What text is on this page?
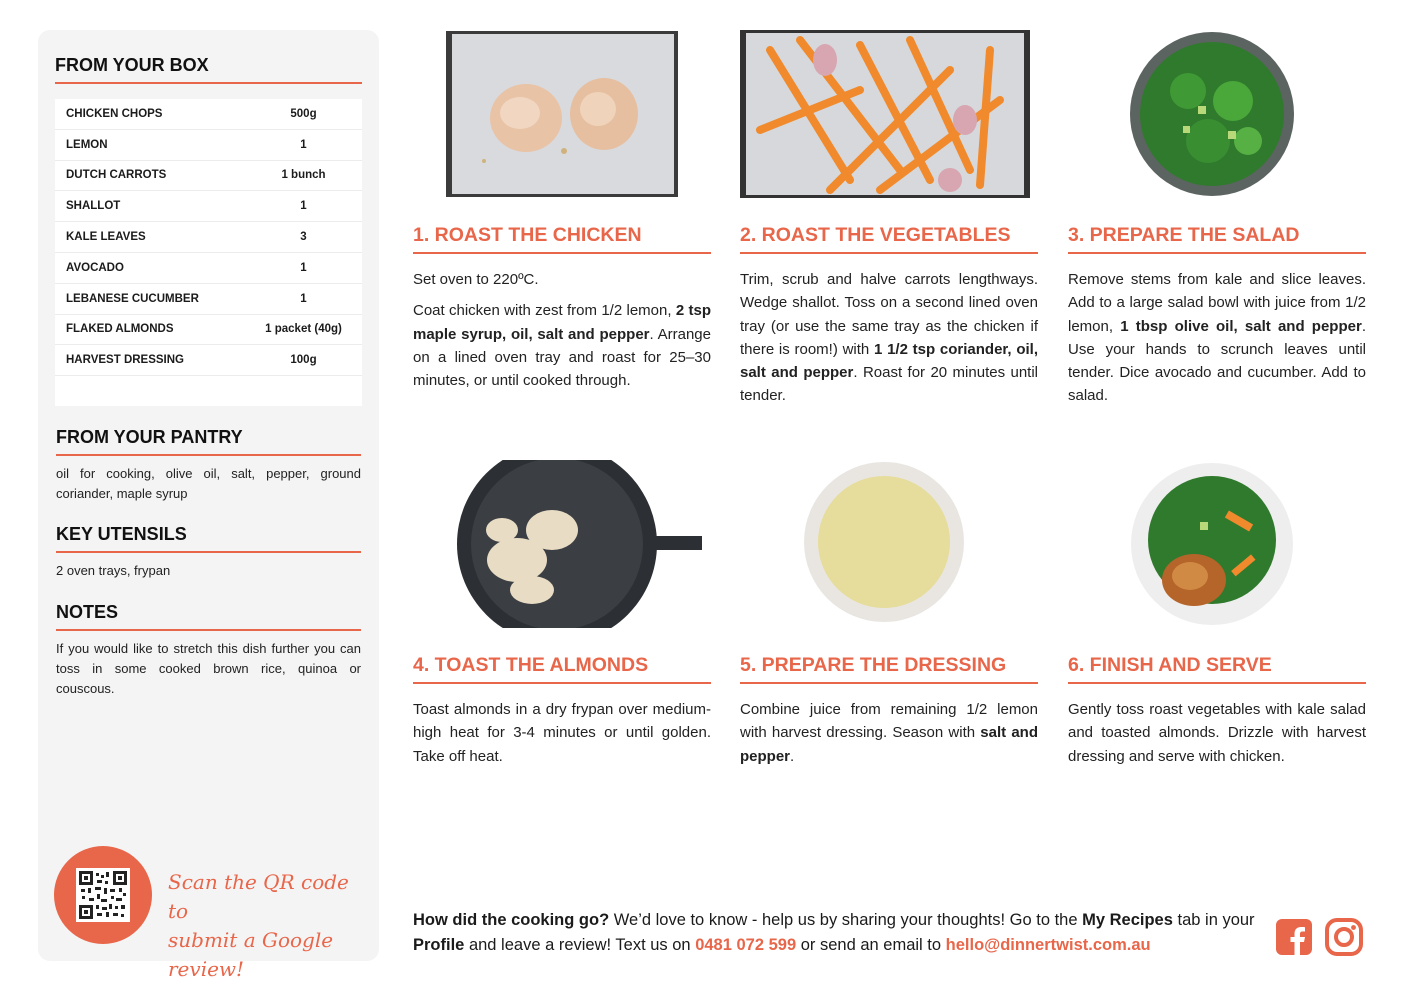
FROM YOUR BOX
CHICKEN CHOPS	500g
LEMON	1
DUTCH CARROTS	1 bunch
SHALLOT	1
KALE LEAVES	3
AVOCADO	1
LEBANESE CUCUMBER	1
FLAKED ALMONDS	1 packet (40g)
HARVEST DRESSING	100g
FROM YOUR PANTRY
oil for cooking, olive oil, salt, pepper, ground coriander, maple syrup
KEY UTENSILS
2 oven trays, frypan
NOTES
If you would like to stretch this dish further you can toss in some cooked brown rice, quinoa or couscous.
Scan the QR code to
submit a Google review!
1. ROAST THE CHICKEN

Set oven to 220ºC.

Coat chicken with zest from 1/2 lemon, 2 tsp maple syrup, oil, salt and pepper. Arrange on a lined oven tray and roast for 25–30 minutes, or until cooked through.

2. ROAST THE VEGETABLES

Trim, scrub and halve carrots lengthways. Wedge shallot. Toss on a second lined oven tray (or use the same tray as the chicken if there is room!) with 1 1/2 tsp coriander, oil, salt and pepper. Roast for 20 minutes until tender.

3. PREPARE THE SALAD

Remove stems from kale and slice leaves. Add to a large salad bowl with juice from 1/2 lemon, 1 tbsp olive oil, salt and pepper. Use your hands to scrunch leaves until tender. Dice avocado and cucumber. Add to salad.

4. TOAST THE ALMONDS

Toast almonds in a dry frypan over medium-high heat for 3-4 minutes or until golden. Take off heat.

5. PREPARE THE DRESSING

Combine juice from remaining 1/2 lemon with harvest dressing. Season with salt and pepper.

6. FINISH AND SERVE

Gently toss roast vegetables with kale salad and toasted almonds. Drizzle with harvest dressing and serve with chicken.

How did the cooking go? We’d love to know - help us by sharing your thoughts! Go to the My Recipes tab in your Profile and leave a review! Text us on 0481 072 599 or send an email to hello@dinnertwist.com.au
